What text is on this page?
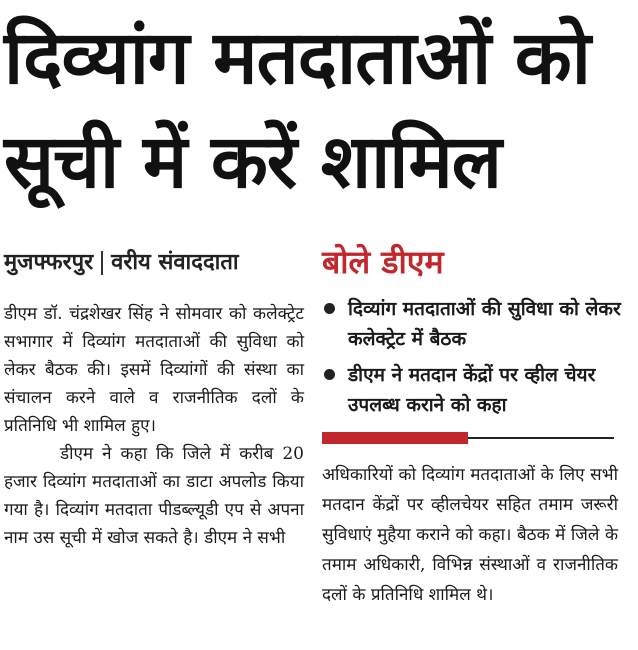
दिव्यांग मतदाताओं को सूची में करें शामिल
मुजफ्फरपुर वरीय संवाददाता

डीएम डॉ. चंद्रशेखर सिंह ने सोमवार को कलेक्ट्रेट सभागार में दिव्यांग मतदाताओं की सुविधा को लेकर बैठक की। इसमें दिव्यांगों की संस्था का संचालन करने वाले व राजनीतिक दलों के प्रतिनिधि भी शामिल हुए।

डीएम ने कहा कि जिले में करीब 20 हजार दिव्यांग मतदाताओं का डाटा अपलोड किया गया है। दिव्यांग मतदाता पीडब्ल्यूडी एप से अपना नाम उस सूची में खोज सकते है। डीएम ने सभी

बोले डीएम
दिव्यांग मतदाताओं की सुविधा को लेकर कलेक्ट्रेट में बैठक
डीएम ने मतदान केंद्रों पर व्हील चेयर उपलब्ध कराने को कहा

अधिकारियों को दिव्यांग मतदाताओं के लिए सभी मतदान केंद्रों पर व्हीलचेयर सहित तमाम जरूरी सुविधाएं मुहैया कराने को कहा। बैठक में जिले के तमाम अधिकारी, विभिन्न संस्थाओं व राजनीतिक दलों के प्रतिनिधि शामिल थे।
